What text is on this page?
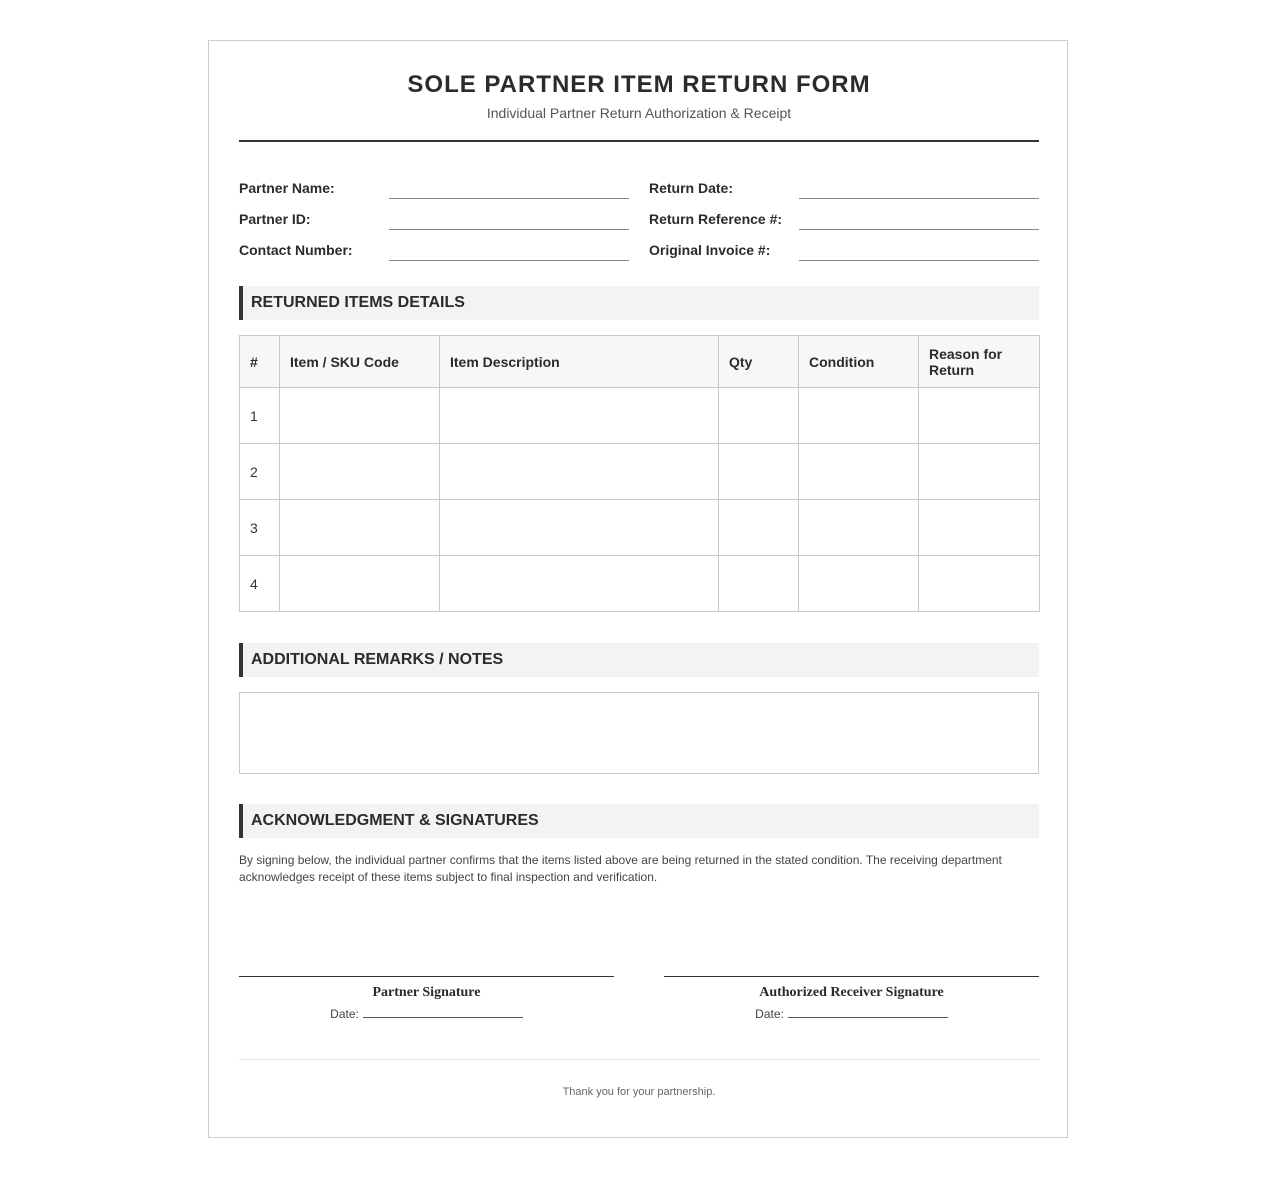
SOLE PARTNER ITEM RETURN FORM
Individual Partner Return Authorization & Receipt
Partner Name:
Partner ID:
Contact Number:
Return Date:
Return Reference #:
Original Invoice #:
RETURNED ITEMS DETAILS
#	Item / SKU Code	Item Description	Qty	Condition	Reason for Return
1					
2					
3					
4					
ADDITIONAL REMARKS / NOTES
ACKNOWLEDGMENT & SIGNATURES
By signing below, the individual partner confirms that the items listed above are being returned in the stated condition. The receiving department acknowledges receipt of these items subject to final inspection and verification.
Partner Signature
Date:
Authorized Receiver Signature
Date:
Thank you for your partnership.
